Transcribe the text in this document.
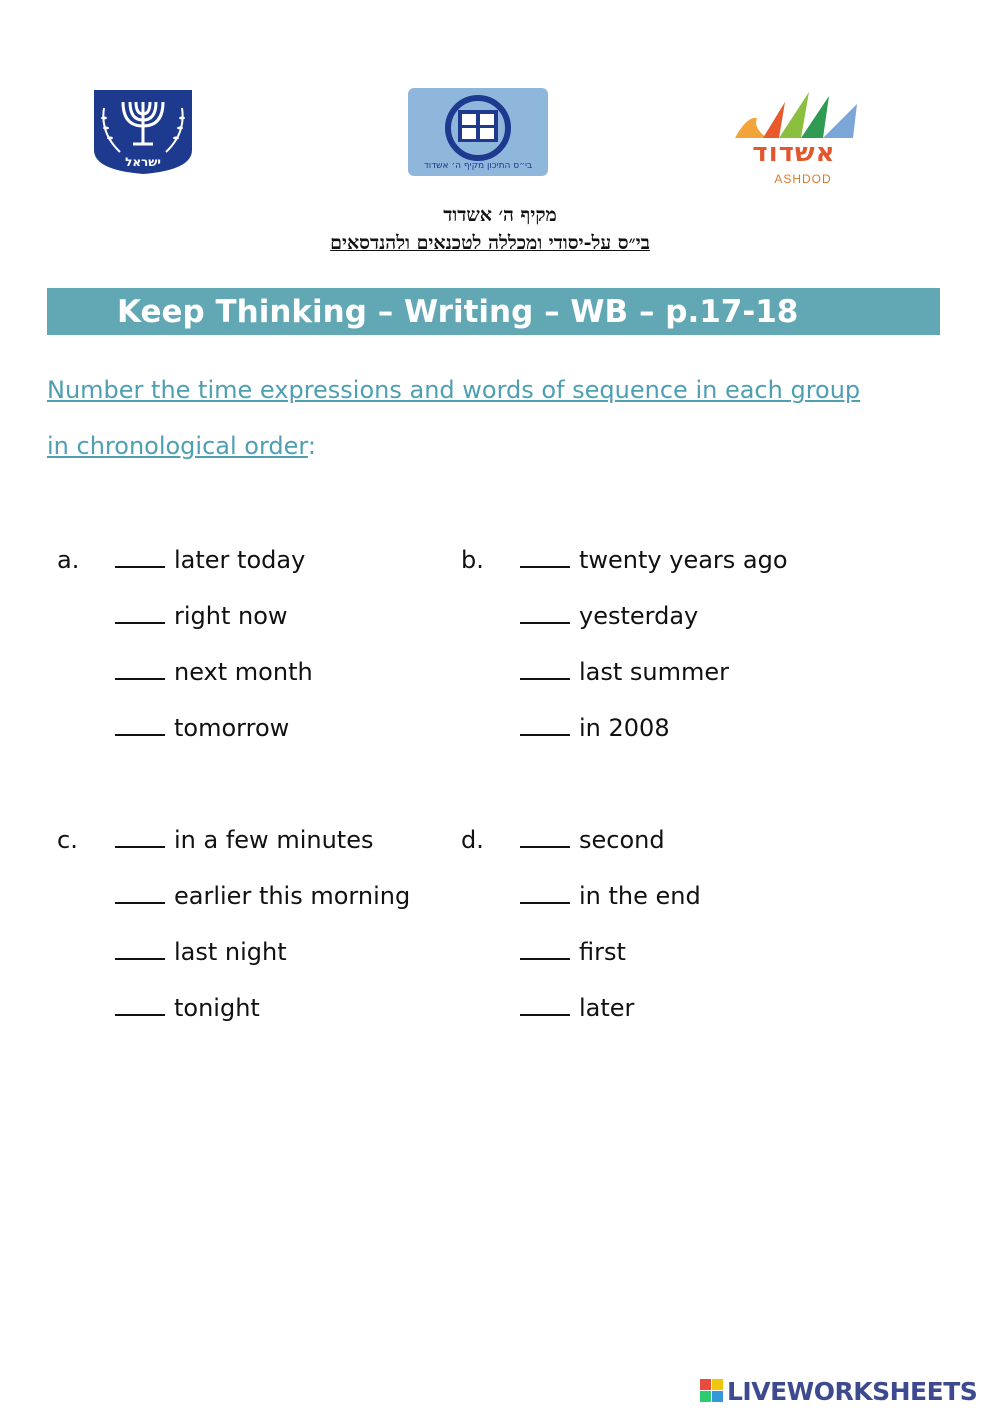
ישראל	בי״ס התיכון מקיף ה׳ אשדוד	אשדוד
ASHDOD
מקיף ה׳ אשדוד
בי״ס על-יסודי ומכללה לטכנאים ולהנדסאים
Keep Thinking – Writing – WB – p.17-18
Number the time expressions and words of sequence in each group
in chronological order:
a.	later today
right now
next month
tomorrow
b.	twenty years ago
yesterday
last summer
in 2008
c.	in a few minutes
earlier this morning
last night
tonight
d.	second
in the end
first
later
LIVEWORKSHEETS
